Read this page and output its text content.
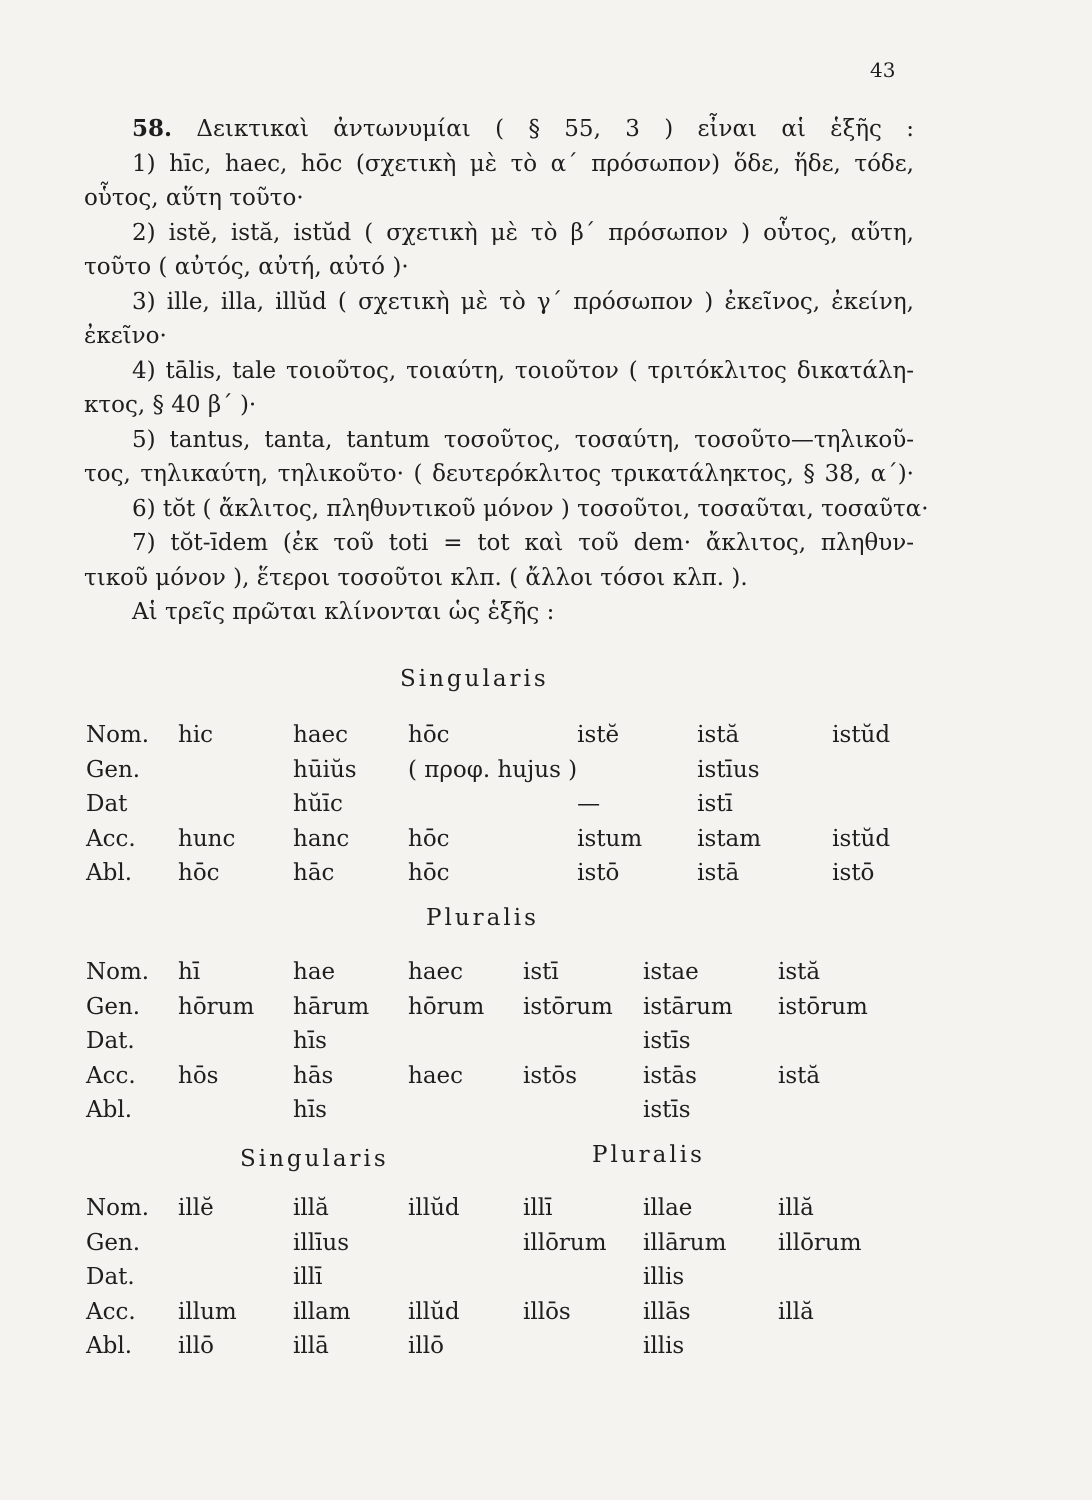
43
58. Δεικτικαὶ ἀντωνυμίαι ( § 55, 3 ) εἶναι αἱ ἑξῆς :
1) hīc, haec, hōc (σχετικὴ μὲ τὸ α΄ πρόσωπον) ὅδε, ἥδε, τόδε,
οὗτος, αὕτη τοῦτο·
2) istĕ, istă, istŭd ( σχετικὴ μὲ τὸ β΄ πρόσωπον ) οὗτος, αὕτη,
τοῦτο ( αὐτός, αὐτή, αὐτό )·
3) ille, illa, illŭd ( σχετικὴ μὲ τὸ γ΄ πρόσωπον ) ἐκεῖνος, ἐκείνη,
ἐκεῖνο·
4) tālis, tale τοιοῦτος, τοιαύτη, τοιοῦτον ( τριτόκλιτος δικατάλη-
κτος, § 40 β΄ )·
5) tantus, tanta, tantum τοσοῦτος, τοσαύτη, τοσοῦτο—τηλικοῦ-
τος, τηλικαύτη, τηλικοῦτο· ( δευτερόκλιτος τρικατάληκτος, § 38, α΄)·
6) tŏt ( ἄκλιτος, πληθυντικοῦ μόνον ) τοσοῦτοι, τοσαῦται, τοσαῦτα·
7) tŏt-īdem (ἐκ τοῦ toti = tot καὶ τοῦ dem· ἄκλιτος, πληθυν-
τικοῦ μόνον ), ἕτεροι τοσοῦτοι κλπ. ( ἄλλοι τόσοι κλπ. ).
Αἱ τρεῖς πρῶται κλίνονται ὡς ἑξῆς :
Singularis
Nom.	hic	haec	hōc	istĕ	istă	istŭd
Gen.		hūiŭs	( προφ. hujus )		istīus	
Dat		hŭīc		—	istī	
Acc.	hunc	hanc	hōc	istum	istam	istŭd
Abl.	hōc	hāc	hōc	istō	istā	istō
Pluralis
Nom.	hī	hae	haec	istī	istae	istă
Gen.	hōrum	hārum	hōrum	istōrum	istārum	istōrum
Dat.		hīs			istīs	
Acc.	hōs	hās	haec	istōs	istās	istă
Abl.		hīs			istīs	
Singularis	Pluralis
Nom.	illĕ	illă	illŭd	illī	illae	illă
Gen.		illīus		illōrum	illārum	illōrum
Dat.		illī			illis	
Acc.	illum	illam	illŭd	illōs	illās	illă
Abl.	illō	illā	illō		illis	
